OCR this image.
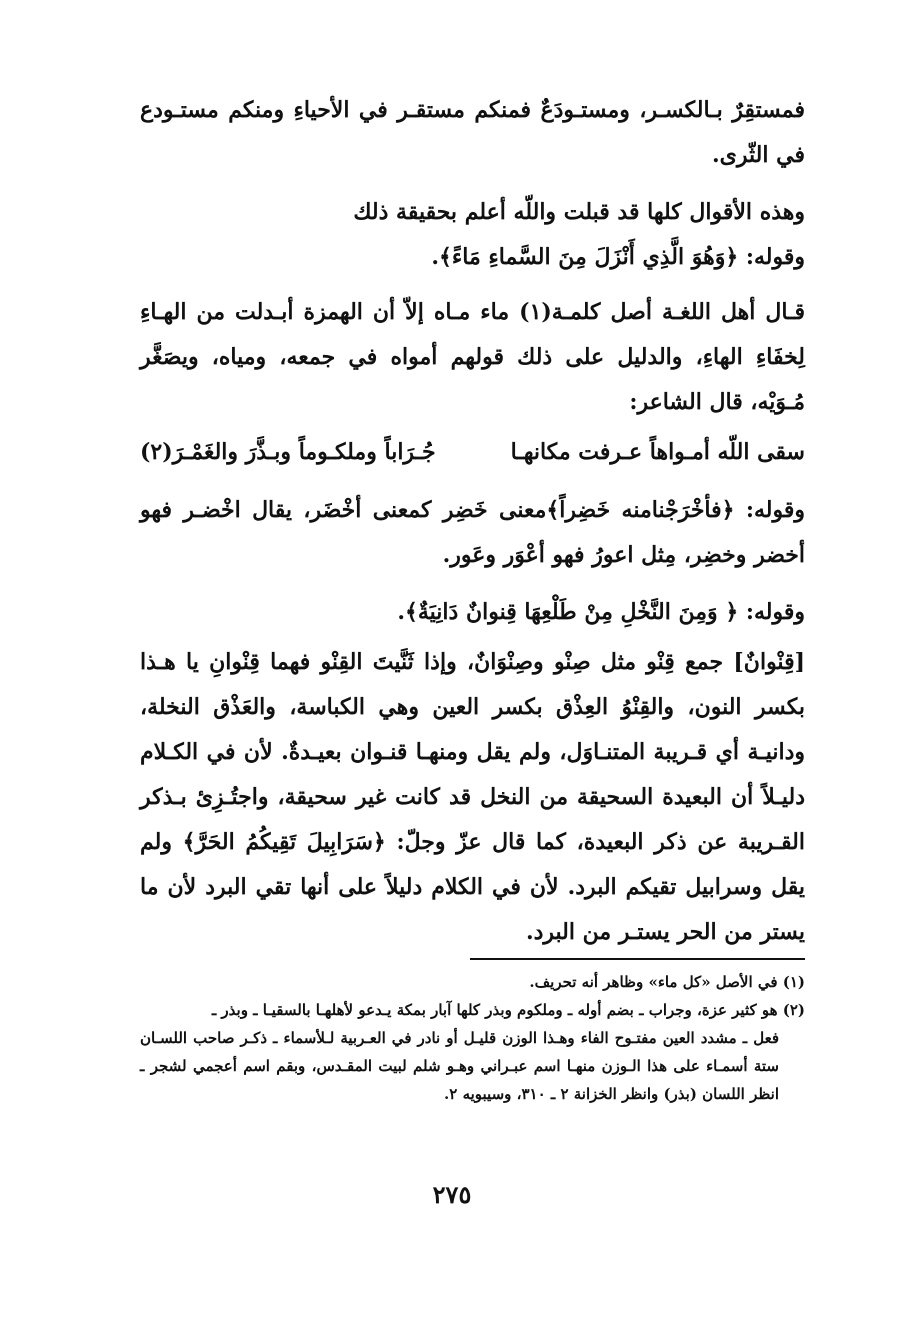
فمستقِرٌ بـالكسـر، ومستـودَعٌ فمنكم مستقـر في الأحياءِ ومنكم مستـودع في الثّرى.

وهذه الأقوال كلها قد قبلت واللّه أعلم بحقيقة ذلك

وقوله: ﴿وَهُوَ الَّذِي أَنْزَلَ مِنَ السَّماءِ مَاءً﴾.

قـال أهل اللغـة أصل كلمـة(١) ماء مـاه إلاّ أن الهمزة أبـدلت من الهـاءِ لِخفَاءِ الهاءِ، والدليل على ذلك قولهم أمواه في جمعه، ومياه، ويصَغَّر مُـوَيْه، قال الشاعر:

سقى اللّه أمـواهاً عـرفت مكانهـا
جُـرَاباً وملكـوماً وبـذَّرَ والغَمْـرَ(٢)

وقوله: ﴿فأخْرَجْنامنه خَضِراً﴾معنى خَضِر كمعنى أخْضَر، يقال اخْضـر فهو أخضر وخضِر، مِثل اعورُ فهو أعْوَر وعَور.

وقوله: ﴿ وَمِنَ النَّخْلِ مِنْ طَلْعِهَا قِنوانٌ دَانِيَةٌ﴾.

[قِنْوانٌ] جمع قِنْو مثل صِنْو وصِنْوَانٌ، وإذا ثَنَّيتَ القِنْو فهما قِنْوانِ يا هـذا بكسر النون، والقِنْوُ العِذْق بكسر العين وهي الكباسة، والعَذْق النخلة، ودانيـة أي قـريبة المتنـاوَل، ولم يقل ومنهـا قنـوان بعيـدةٌ. لأن في الكـلام دليـلاً أن البعيدة السحيقة من النخل قد كانت غير سحيقة، واجتُـزِئ بـذكر القـريبة عن ذكر البعيدة، كما قال عزّ وجلّ: ﴿سَرَابِيلَ تَقِيكُمُ الحَرَّ﴾ ولم يقل وسرابيل تقيكم البرد. لأن في الكلام دليلاً على أنها تقي البرد لأن ما يستر من الحر يستـر من البرد.

(١) في الأصل «كل ماء» وظاهر أنه تحريف.

(٢) هو كثير عزة، وجراب ـ بضم أوله ـ وملكوم وبذر كلها آبار بمكة يـدعو لأهلهـا بالسقيـا ـ وبذر ـ

فعل ـ مشدد العين مفتـوح الفاء وهـذا الوزن قليـل أو نادر في العـربية لـلأسماء ـ ذكـر صاحب اللسـان ستة أسمـاء على هذا الـوزن منهـا اسم عبـراني وهـو شلم لبيت المقـدس، وبقم اسم أعجمي لشجر ـ انظر اللسان (بذر) وانظر الخزانة ٢ ـ ٣١٠، وسيبويه ٢.

٢٧٥
